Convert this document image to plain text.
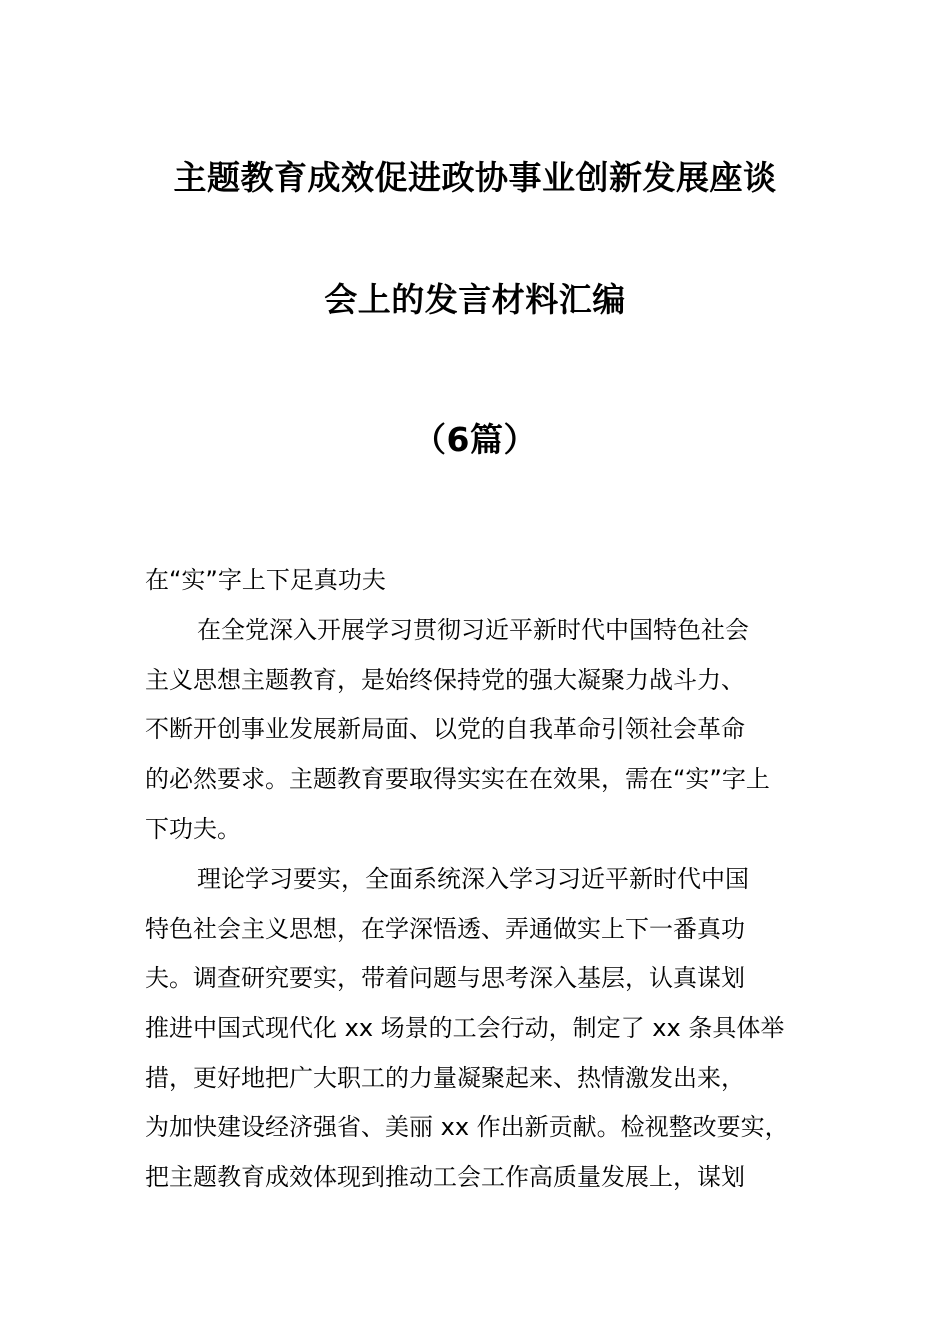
主题教育成效促进政协事业创新发展座谈
会上的发言材料汇编
（6篇）
在“实”字上下足真功夫
在全党深入开展学习贯彻习近平新时代中国特色社会
主义思想主题教育，是始终保持党的强大凝聚力战斗力、
不断开创事业发展新局面、以党的自我革命引领社会革命
的必然要求。主题教育要取得实实在在效果，需在“实”字上
下功夫。
理论学习要实，全面系统深入学习习近平新时代中国
特色社会主义思想，在学深悟透、弄通做实上下一番真功
夫。调查研究要实，带着问题与思考深入基层，认真谋划
推进中国式现代化 xx 场景的工会行动，制定了 xx 条具体举
措，更好地把广大职工的力量凝聚起来、热情激发出来，
为加快建设经济强省、美丽 xx 作出新贡献。检视整改要实，
把主题教育成效体现到推动工会工作高质量发展上，谋划
